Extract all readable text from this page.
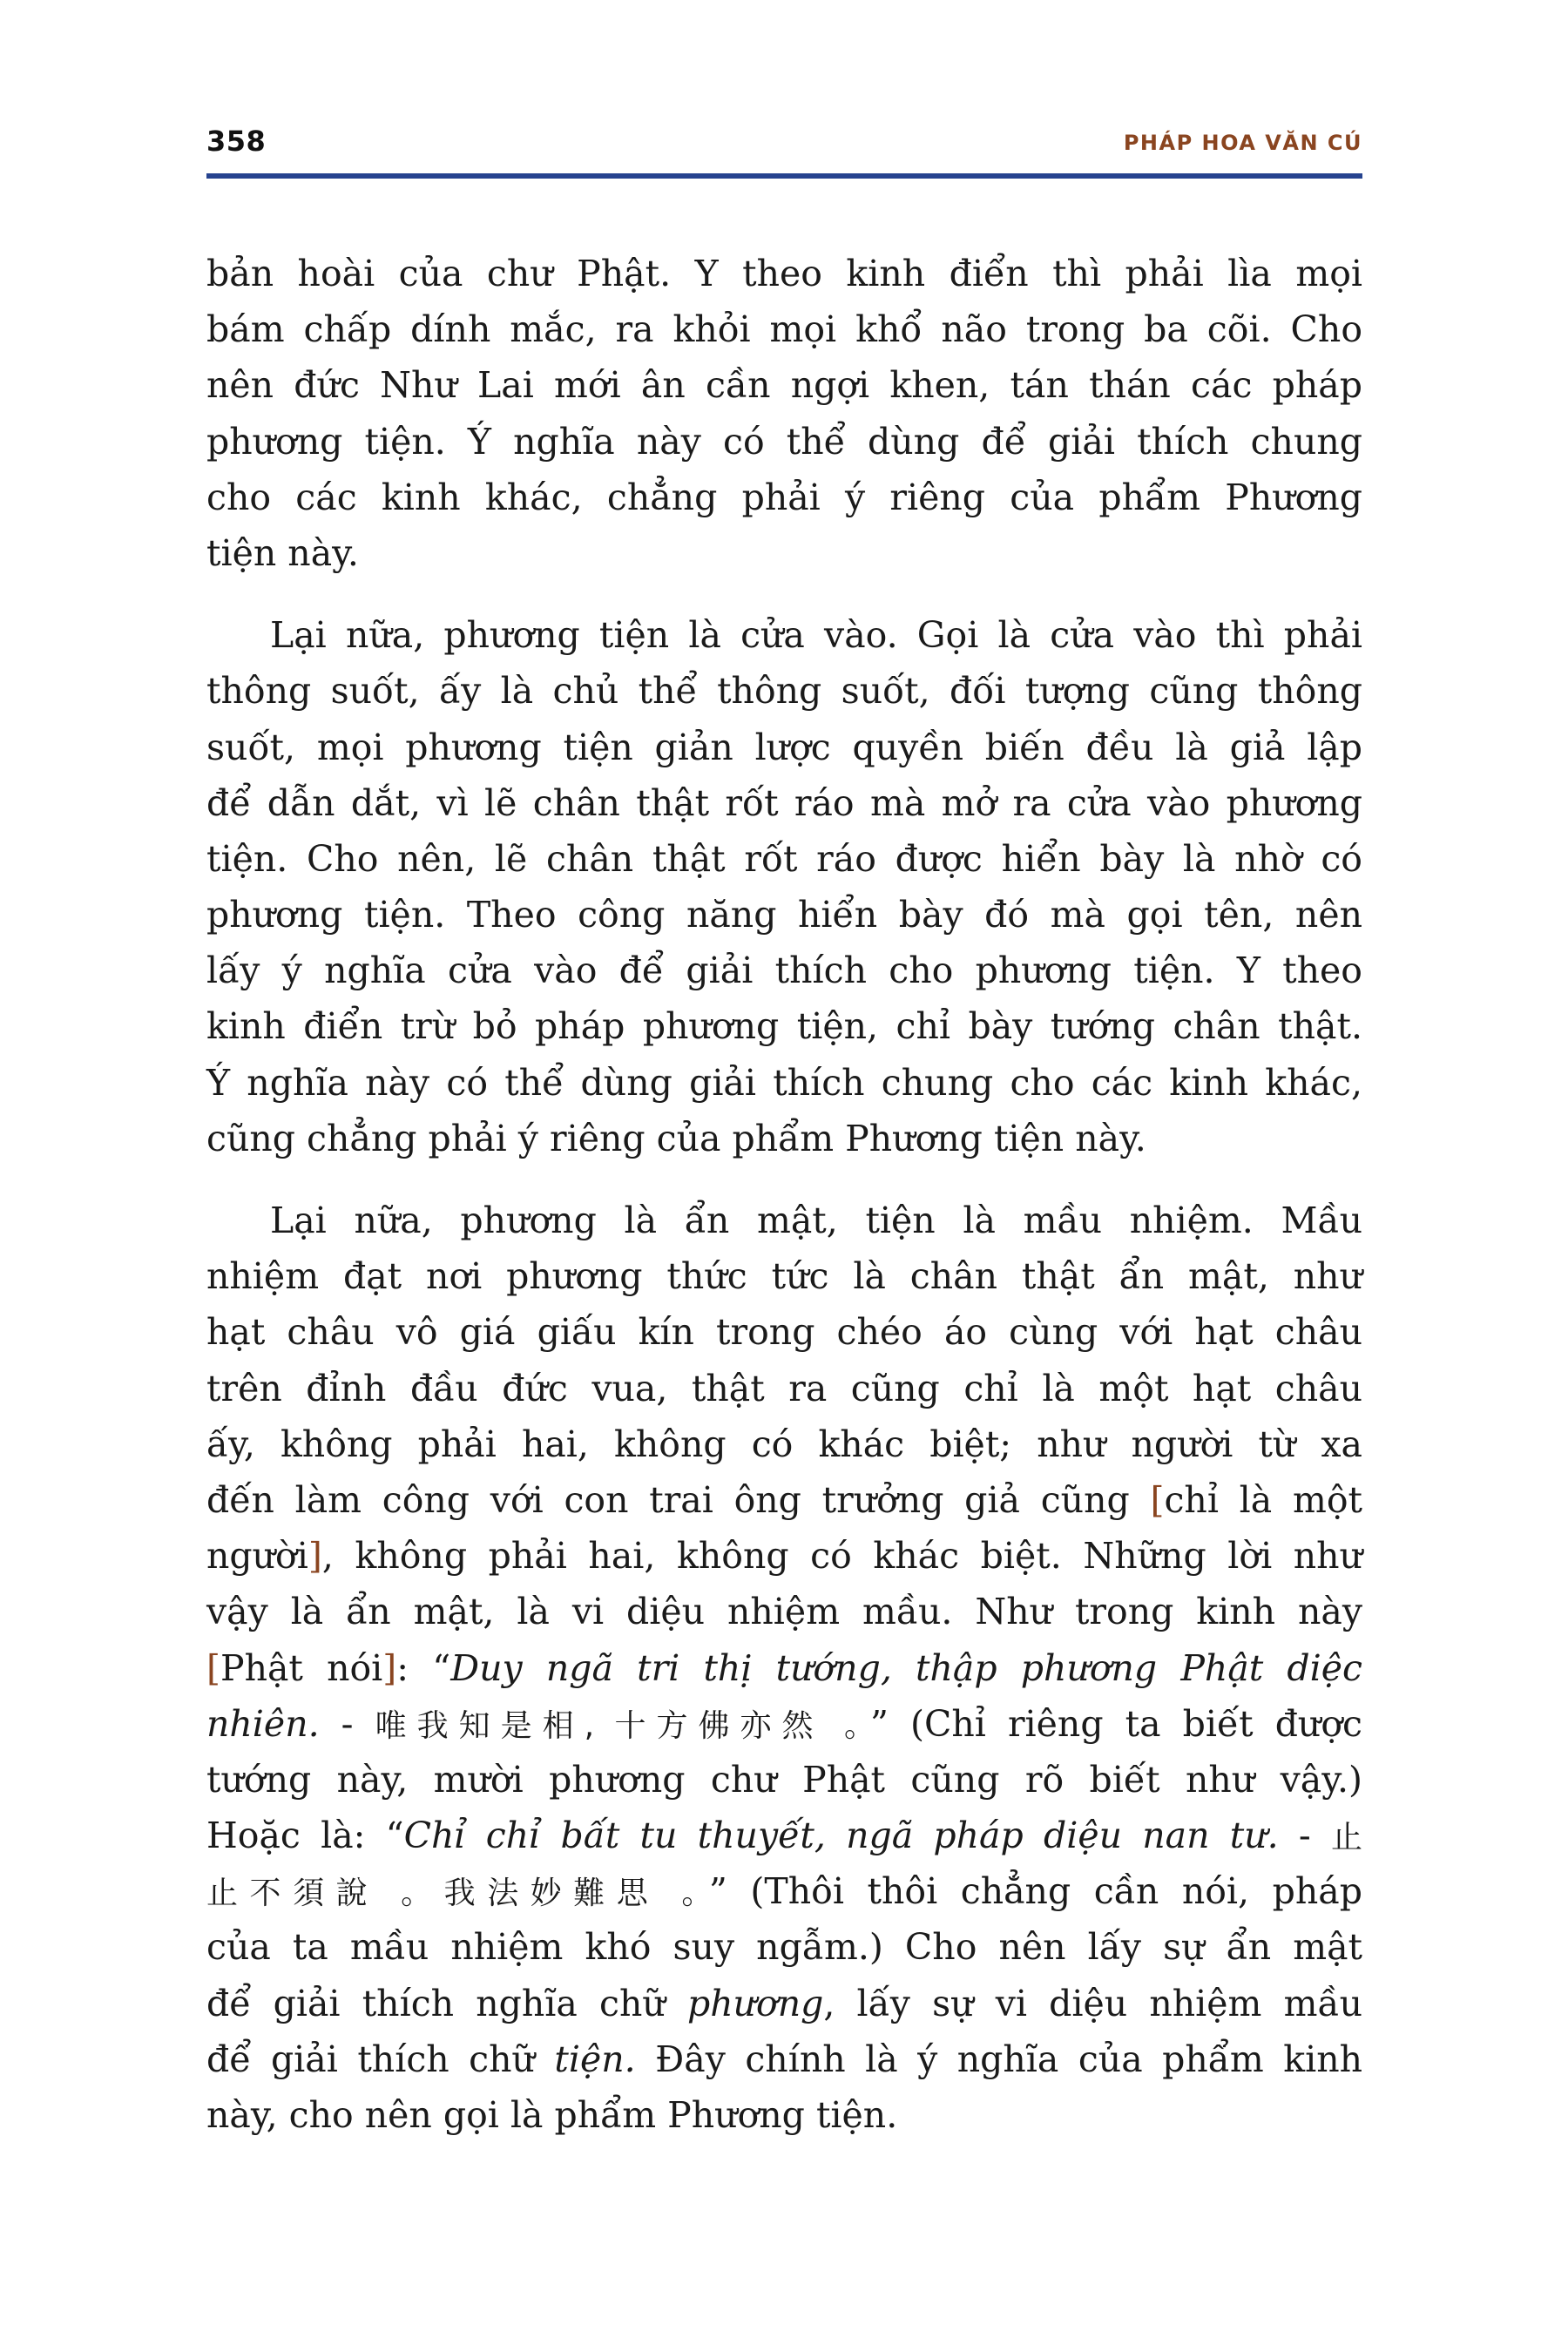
358	PHÁP HOA VĂN CÚ
bản hoài của chư Phật. Y theo kinh điển thì phải lìa mọi
bám chấp dính mắc, ra khỏi mọi khổ não trong ba cõi. Cho
nên đức Như Lai mới ân cần ngợi khen, tán thán các pháp
phương tiện. Ý nghĩa này có thể dùng để giải thích chung
cho các kinh khác, chẳng phải ý riêng của phẩm Phương
tiện này.
Lại nữa, phương tiện là cửa vào. Gọi là cửa vào thì phải
thông suốt, ấy là chủ thể thông suốt, đối tượng cũng thông
suốt, mọi phương tiện giản lược quyền biến đều là giả lập
để dẫn dắt, vì lẽ chân thật rốt ráo mà mở ra cửa vào phương
tiện. Cho nên, lẽ chân thật rốt ráo được hiển bày là nhờ có
phương tiện. Theo công năng hiển bày đó mà gọi tên, nên
lấy ý nghĩa cửa vào để giải thích cho phương tiện. Y theo
kinh điển trừ bỏ pháp phương tiện, chỉ bày tướng chân thật.
Ý nghĩa này có thể dùng giải thích chung cho các kinh khác,
cũng chẳng phải ý riêng của phẩm Phương tiện này.
Lại nữa, phương là ẩn mật, tiện là mầu nhiệm. Mầu
nhiệm đạt nơi phương thức tức là chân thật ẩn mật, như
hạt châu vô giá giấu kín trong chéo áo cùng với hạt châu
trên đỉnh đầu đức vua, thật ra cũng chỉ là một hạt châu
ấy, không phải hai, không có khác biệt; như người từ xa
đến làm công với con trai ông trưởng giả cũng [chỉ là một
người], không phải hai, không có khác biệt. Những lời như
vậy là ẩn mật, là vi diệu nhiệm mầu. Như trong kinh này
[Phật nói]: “Duy ngã tri thị tướng, thập phương Phật diệc
nhiên. - 唯我知是相, 十方佛亦然 。” (Chỉ riêng ta biết được
tướng này, mười phương chư Phật cũng rõ biết như vậy.)
Hoặc là: “Chỉ chỉ bất tu thuyết, ngã pháp diệu nan tư. - 止
止不須說 。我法妙難思 。” (Thôi thôi chẳng cần nói, pháp
của ta mầu nhiệm khó suy ngẫm.) Cho nên lấy sự ẩn mật
để giải thích nghĩa chữ phương, lấy sự vi diệu nhiệm mầu
để giải thích chữ tiện. Đây chính là ý nghĩa của phẩm kinh
này, cho nên gọi là phẩm Phương tiện.
